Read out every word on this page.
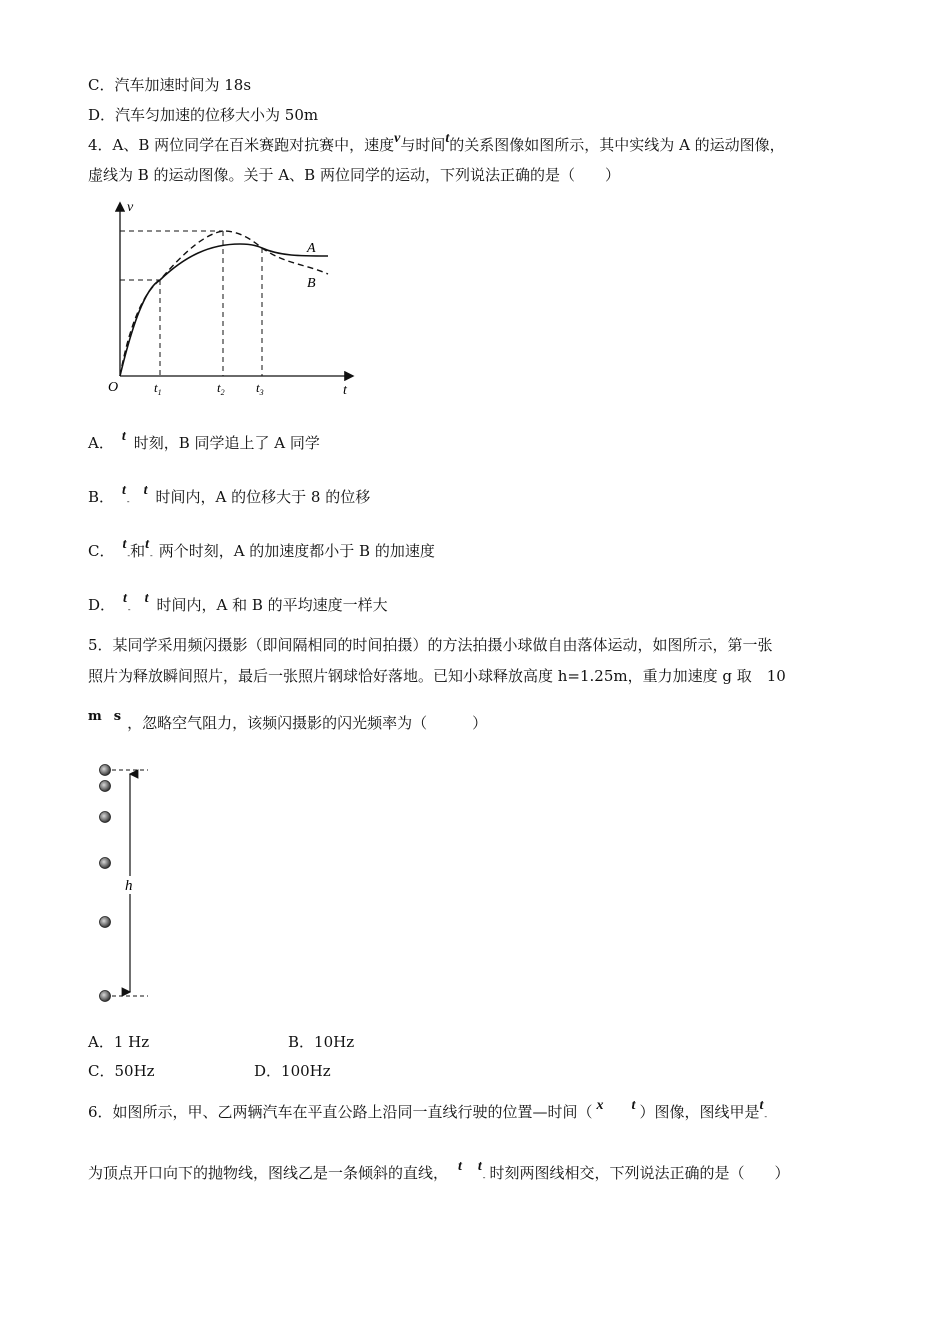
C．汽车加速时间为 18s
D．汽车匀加速的位移大小为 50m
4．A、B 两位同学在百米赛跑对抗赛中，速度v与时间t的关系图像如图所示，其中实线为 A 的运动图像，
虚线为 B 的运动图像。关于 A、B 两位同学的运动，下列说法正确的是（　　）
v
t
O	$t_1$	$t_2$ $t_3$
A
B
A． t 时刻，B 同学追上了 A 同学
B． t-t 时间内，A 的位移大于 8 的位移
C． t-和t- 两个时刻，A 的加速度都小于 B 的加速度
D． t-t 时间内，A 和 B 的平均速度一样大
5．某同学采用频闪摄影（即间隔相同的时间拍摄）的方法拍摄小球做自由落体运动，如图所示，第一张
照片为释放瞬间照片，最后一张照片钢球恰好落地。已知小球释放高度 h=1.25m，重力加速度 g 取　10
m s ，忽略空气阻力，该频闪摄影的闪光频率为（　　　）
h
A．1 Hz	B．10Hz
C．50Hz	D．100Hz
6．如图所示，甲、乙两辆汽车在平直公路上沿同一直线行驶的位置—时间（ x t ）图像，图线甲是t-
为顶点开口向下的抛物线，图线乙是一条倾斜的直线， t t- 时刻两图线相交，下列说法正确的是（　　）
